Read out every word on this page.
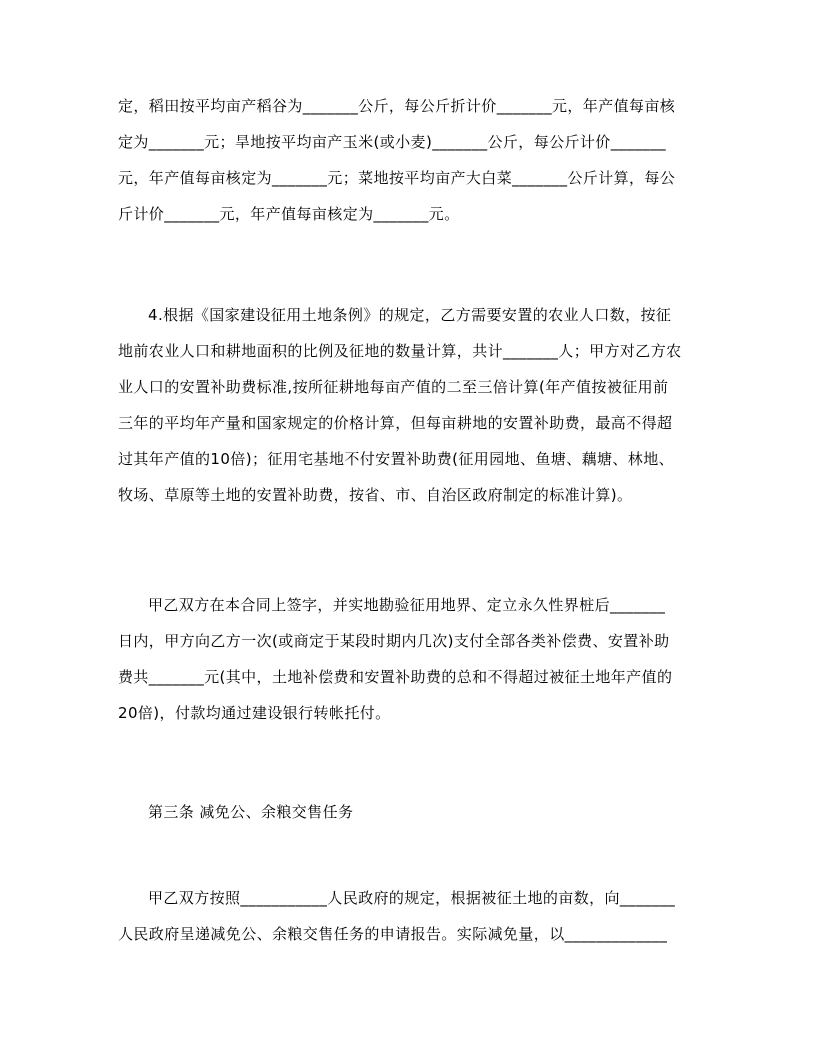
定，稻田按平均亩产稻谷为_______公斤，每公斤折计价_______元，年产值每亩核
定为_______元；旱地按平均亩产玉米(或小麦)_______公斤，每公斤计价_______
元，年产值每亩核定为_______元；菜地按平均亩产大白菜_______公斤计算，每公
斤计价_______元，年产值每亩核定为_______元。
4.根据《国家建设征用土地条例》的规定，乙方需要安置的农业人口数，按征
地前农业人口和耕地面积的比例及征地的数量计算，共计_______人；甲方对乙方农
业人口的安置补助费标准,按所征耕地每亩产值的二至三倍计算(年产值按被征用前
三年的平均年产量和国家规定的价格计算，但每亩耕地的安置补助费，最高不得超
过其年产值的10倍)；征用宅基地不付安置补助费(征用园地、鱼塘、藕塘、林地、
牧场、草原等土地的安置补助费，按省、市、自治区政府制定的标准计算)。
甲乙双方在本合同上签字，并实地勘验征用地界、定立永久性界桩后_______
日内，甲方向乙方一次(或商定于某段时期内几次)支付全部各类补偿费、安置补助
费共_______元(其中，土地补偿费和安置补助费的总和不得超过被征土地年产值的
20倍)，付款均通过建设银行转帐托付。
第三条 减免公、余粮交售任务
甲乙双方按照___________人民政府的规定，根据被征土地的亩数，向_______
人民政府呈递减免公、余粮交售任务的申请报告。实际减免量，以_____________
